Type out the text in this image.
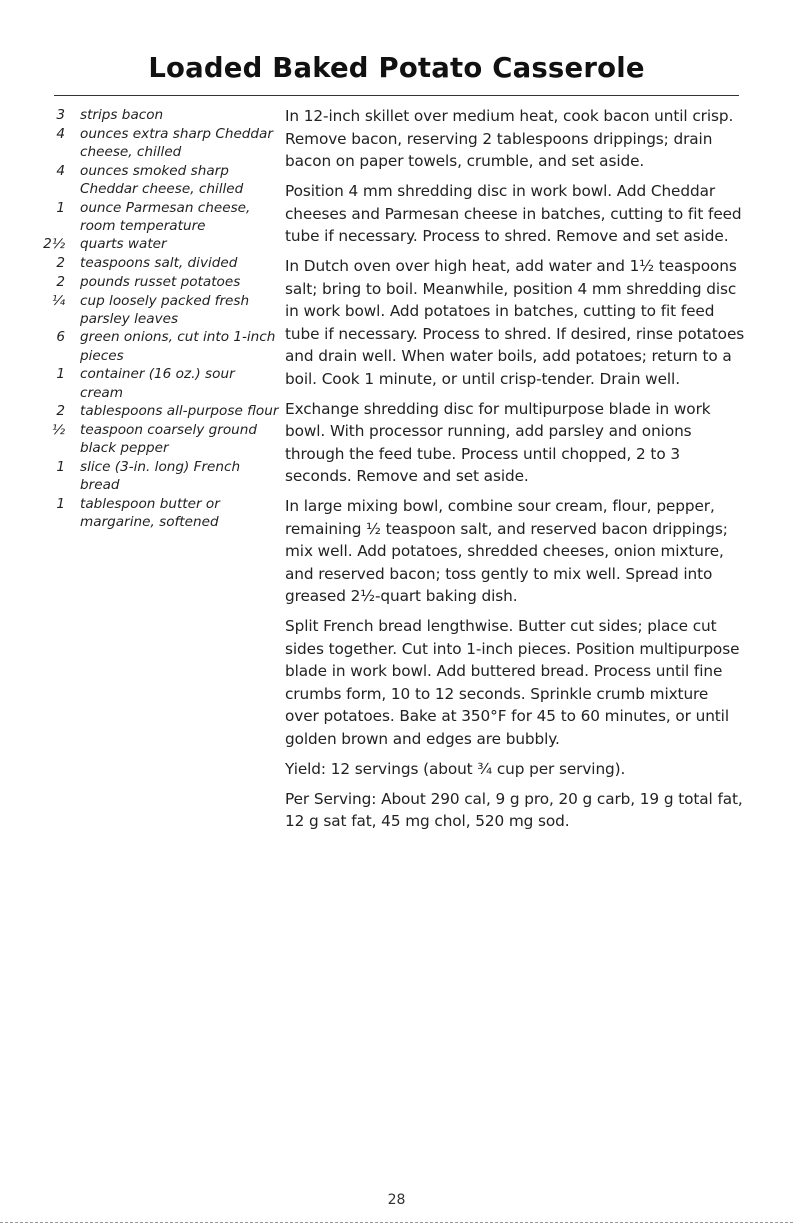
Loaded Baked Potato Casserole
3	strips bacon
4	ounces extra sharp Cheddar cheese, chilled
4	ounces smoked sharp Cheddar cheese, chilled
1	ounce Parmesan cheese, room temperature
2½	quarts water
2	teaspoons salt, divided
2	pounds russet potatoes
¼	cup loosely packed fresh parsley leaves
6	green onions, cut into 1-inch pieces
1	container (16 oz.) sour cream
2	tablespoons all-purpose flour
½	teaspoon coarsely ground black pepper
1	slice (3-in. long) French bread
1	tablespoon butter or margarine, softened

In 12-inch skillet over medium heat, cook bacon until crisp. Remove bacon, reserving 2 tablespoons drippings; drain bacon on paper towels, crumble, and set aside.

Position 4 mm shredding disc in work bowl. Add Cheddar cheeses and Parmesan cheese in batches, cutting to fit feed tube if necessary. Process to shred. Remove and set aside.

In Dutch oven over high heat, add water and 1½ teaspoons salt; bring to boil. Meanwhile, position 4 mm shredding disc in work bowl. Add potatoes in batches, cutting to fit feed tube if necessary. Process to shred. If desired, rinse potatoes and drain well. When water boils, add potatoes; return to a boil. Cook 1 minute, or until crisp-tender. Drain well.

Exchange shredding disc for multipurpose blade in work bowl. With processor running, add parsley and onions through the feed tube. Process until chopped, 2 to 3 seconds. Remove and set aside.

In large mixing bowl, combine sour cream, flour, pepper, remaining ½ teaspoon salt, and reserved bacon drippings; mix well. Add potatoes, shredded cheeses, onion mixture, and reserved bacon; toss gently to mix well. Spread into greased 2½-quart baking dish.

Split French bread lengthwise. Butter cut sides; place cut sides together. Cut into 1-inch pieces. Position multipurpose blade in work bowl. Add buttered bread. Process until fine crumbs form, 10 to 12 seconds. Sprinkle crumb mixture over potatoes. Bake at 350°F for 45 to 60 minutes, or until golden brown and edges are bubbly.

Yield: 12 servings (about ¾ cup per serving).

Per Serving: About 290 cal, 9 g pro, 20 g carb, 19 g total fat, 12 g sat fat, 45 mg chol, 520 mg sod.

28
